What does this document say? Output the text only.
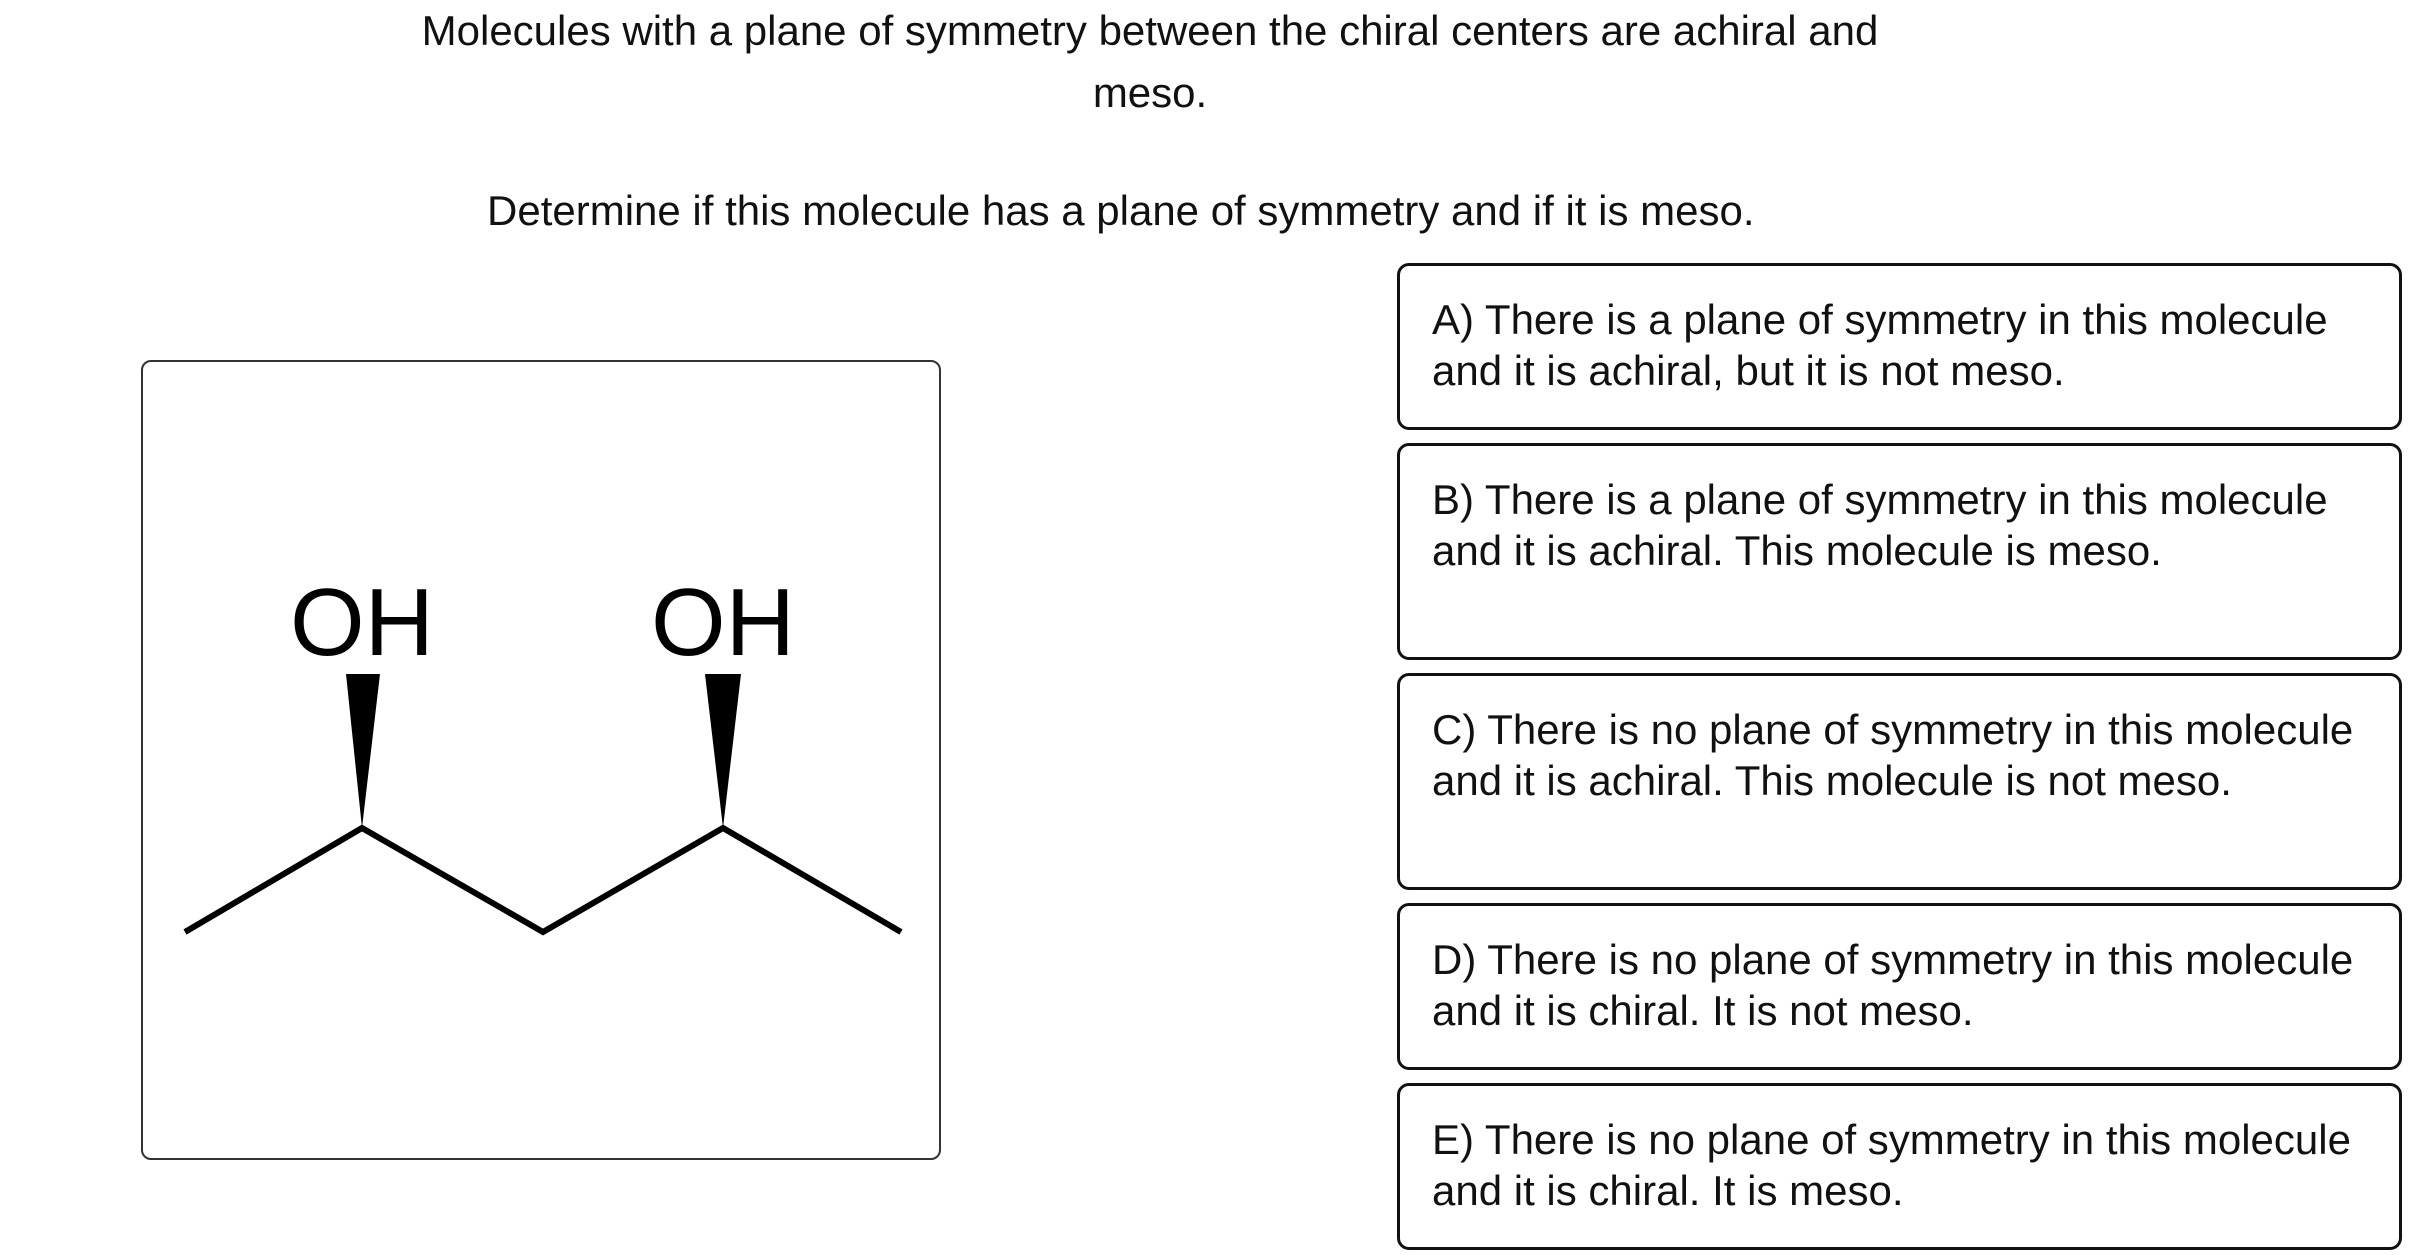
Molecules with a plane of symmetry between the chiral centers are achiral and
meso.
Determine if this molecule has a plane of symmetry and if it is meso.
OH OH
A) There is a plane of symmetry in this molecule and it is achiral, but it is not meso.
B) There is a plane of symmetry in this molecule and it is achiral. This molecule is meso.
C) There is no plane of symmetry in this molecule and it is achiral. This molecule is not meso.
D) There is no plane of symmetry in this molecule and it is chiral. It is not meso.
E) There is no plane of symmetry in this molecule and it is chiral. It is meso.
